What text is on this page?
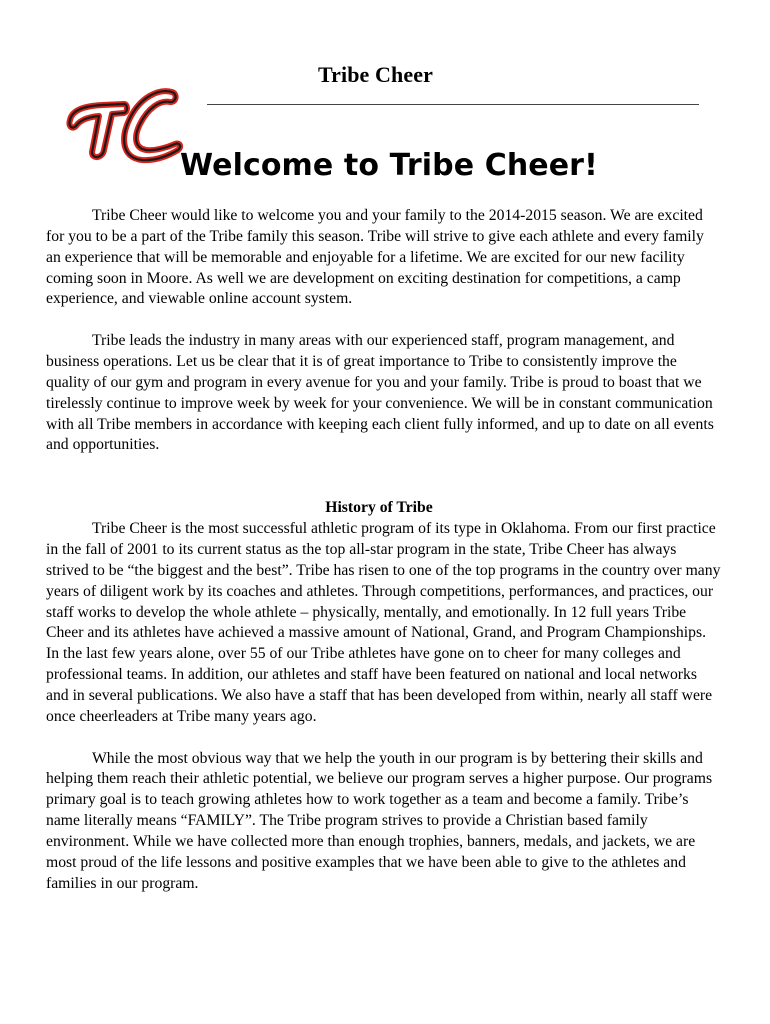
Tribe Cheer
Welcome to Tribe Cheer!

Tribe Cheer would like to welcome you and your family to the 2014-2015 season. We are excited for you to be a part of the Tribe family this season. Tribe will strive to give each athlete and every family an experience that will be memorable and enjoyable for a lifetime. We are excited for our new facility coming soon in Moore. As well we are development on exciting destination for competitions, a camp experience, and viewable online account system.

Tribe leads the industry in many areas with our experienced staff, program management, and business operations. Let us be clear that it is of great importance to Tribe to consistently improve the quality of our gym and program in every avenue for you and your family. Tribe is proud to boast that we tirelessly continue to improve week by week for your convenience. We will be in constant communication with all Tribe members in accordance with keeping each client fully informed, and up to date on all events and opportunities.

History of Tribe

Tribe Cheer is the most successful athletic program of its type in Oklahoma. From our first practice in the fall of 2001 to its current status as the top all-star program in the state, Tribe Cheer has always strived to be “the biggest and the best”. Tribe has risen to one of the top programs in the country over many years of diligent work by its coaches and athletes. Through competitions, performances, and practices, our staff works to develop the whole athlete – physically, mentally, and emotionally. In 12 full years Tribe Cheer and its athletes have achieved a massive amount of National, Grand, and Program Championships. In the last few years alone, over 55 of our Tribe athletes have gone on to cheer for many colleges and professional teams. In addition, our athletes and staff have been featured on national and local networks and in several publications. We also have a staff that has been developed from within, nearly all staff were once cheerleaders at Tribe many years ago.

While the most obvious way that we help the youth in our program is by bettering their skills and helping them reach their athletic potential, we believe our program serves a higher purpose. Our programs primary goal is to teach growing athletes how to work together as a team and become a family. Tribe’s name literally means “FAMILY”. The Tribe program strives to provide a Christian based family environment. While we have collected more than enough trophies, banners, medals, and jackets, we are most proud of the life lessons and positive examples that we have been able to give to the athletes and families in our program.
